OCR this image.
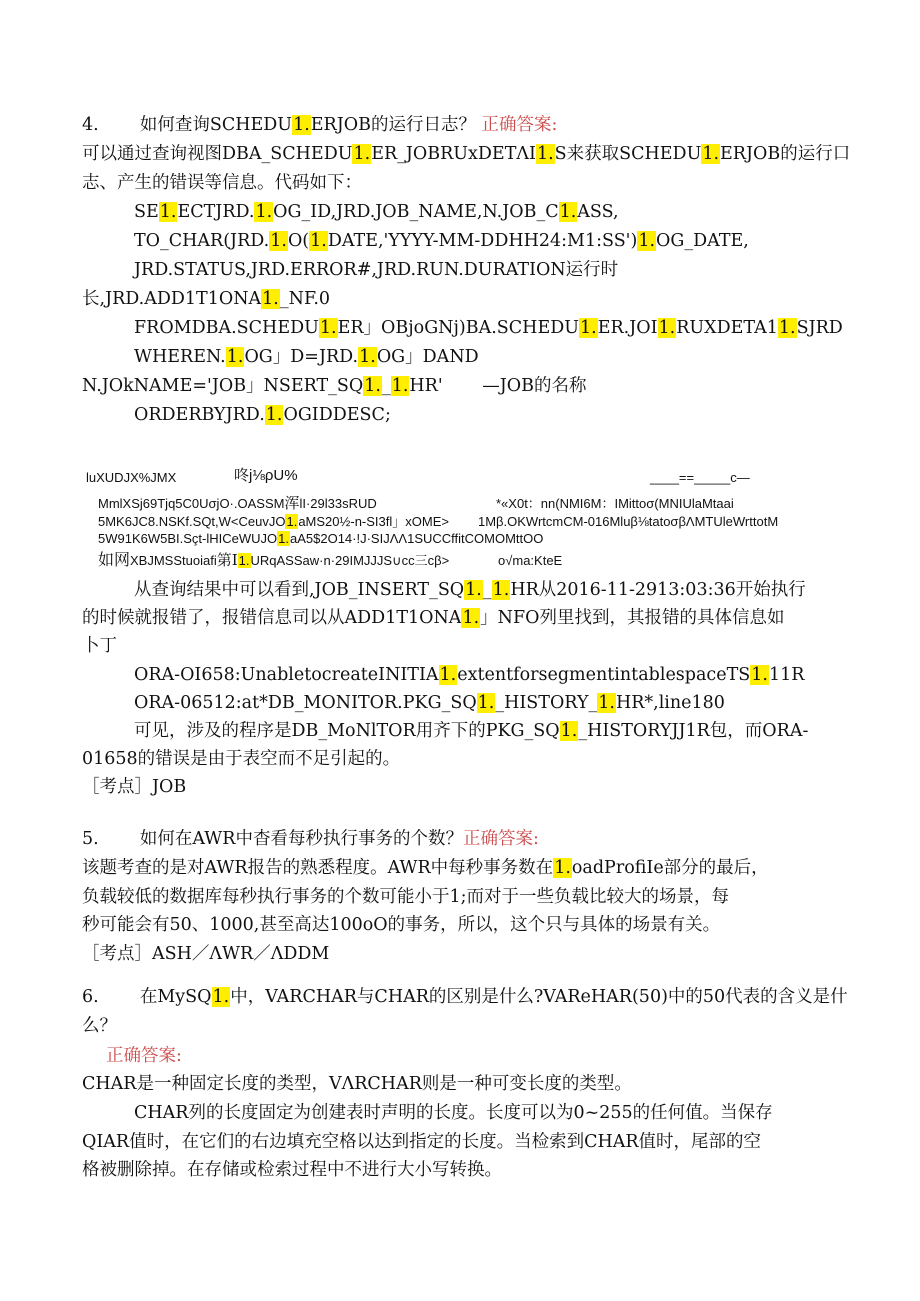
4. 如何查询SCHEDU1.ERJOB的运行日志？ 正确答案:
可以通过查询视图DBA_SCHEDU1.ER_JOBRUxDETΛI1.S来获取SCHEDU1.ERJOB的运行口
志、产生的错误等信息。代码如下：
SE1.ECTJRD.1.OG_ID,JRD.JOB_NAME,N.JOB_C1.ASS,
TO_CHAR(JRD.1.O(1.DATE,'YYYY-MM-DDHH24:M1:SS')1.OG_DATE,
JRD.STATUS,JRD.ERROR#,JRD.RUN.DURATION运行时
长,JRD.ADD1T1ONA1._NF.0
FROMDBA.SCHEDU1.ER」OBjoGNj)BA.SCHEDU1.ER.JOI1.RUXDETA11.SJRD
WHEREN.1.OG」D=JRD.1.OG」DAND
N.JOkNAME='JOB」NSERT_SQ1._1.HR' —JOB的名称
ORDERBYJRD.1.OGIDDESC;
luXUDJX%JMX	咚j⅛ρU%	____==_____c—
MmlXSj69Tjq5C0UσjO·.OASSM浑lI·29l33sRUD	*«X0t：nn(NMI6M：IMittoσ(MNIUlaMtaai
5MK6JC8.NSKf.SQt,W<CeuvJO1.aMS20½-n-SI3fl」xOME> 1Mβ.OKWrtcmCM-016Mluβ⅛tatoσβΛMTUleWrttotM
5W91K6W5BI.Sçt-lHICeWUJO1.aA5$2O14·!J·SIJΛΛ1SUCCffitCOMOMttOO
如网XBJMSStuoiafi第I1.URqASSaw·n·29IMJJJS∪cc三cβ>	o√ma:KteE
从查询结果中可以看到,JOB_INSERT_SQ1._1.HR从2016-11-2913:03:36开始执行
的时候就报错了，报错信息司以从ADD1T1ONA1.」NFO列里找到，其报错的具体信息如
卜丁
ORA-OI658:UnabletocreateINITIA1.extentforsegmentintablespaceTS1.11R
ORA-06512:at*DB_MONITOR.PKG_SQ1._HISTORY_1.HR*,line180
可见，涉及的程序是DB_MoNlTOR用齐下的PKG_SQ1._HISTORYJJ1R包，而ORA-
01658的错误是由于表空而不足引起的。
［考点］JOB
5. 如何在AWR中杳看每秒执行事务的个数？正确答案:
该题考查的是对AWR报告的熟悉程度。AWR中每秒事务数在1.oadProfiIe部分的最后，
负载较低的数据库每秒执行事务的个数可能小于1;而对于一些负载比较大的场景，每
秒可能会有50、1000,甚至高达100oO的事务，所以，这个只与具体的场景有关。
［考点］ASH／ΛWR／ΛDDM
6. 在MySQ1.中，VARCHAR与CHAR的区别是什么?VAReHAR(50)中的50代表的含义是什
么？
正确答案:
CHAR是一种固定长度的类型，VΛRCHAR则是一种可变长度的类型。
CHAR列的长度固定为创建表时声明的长度。长度可以为0~255的任何值。当保存
QIAR值时，在它们的右边填充空格以达到指定的长度。当检索到CHAR值时，尾部的空
格被删除掉。在存储或检索过程中不进行大小写转换。
